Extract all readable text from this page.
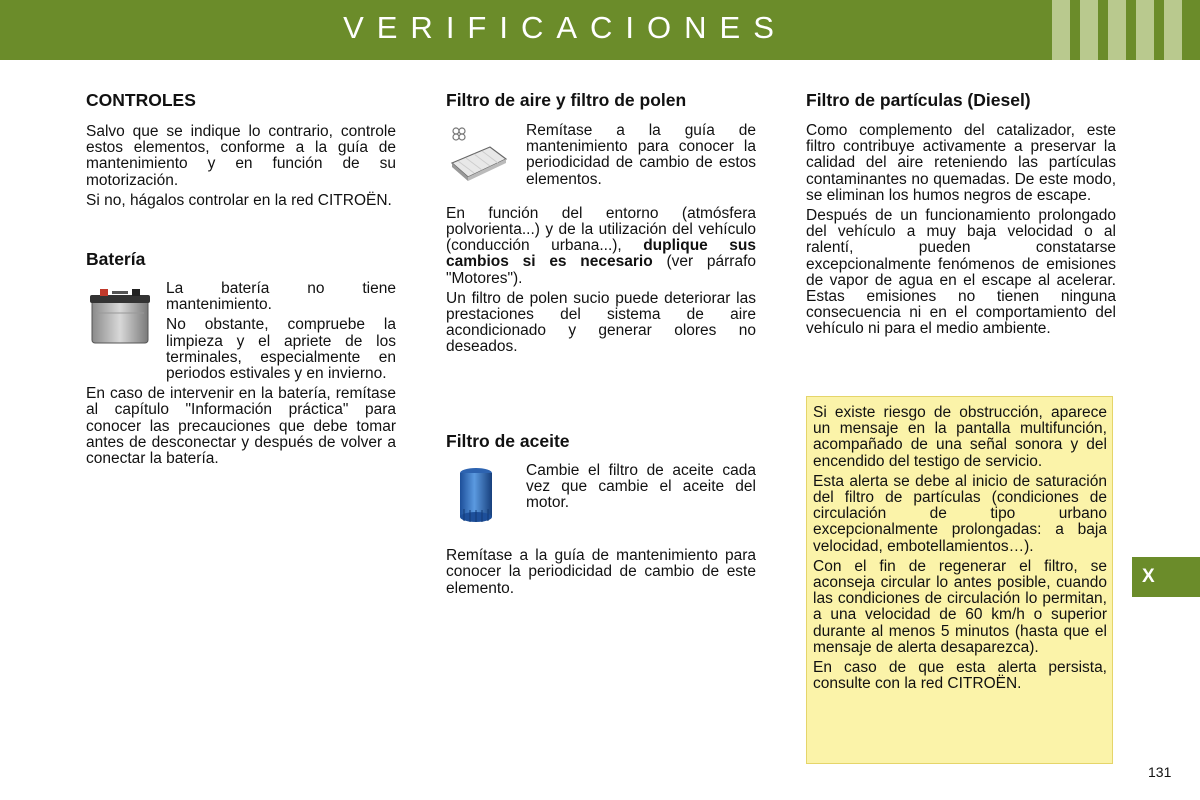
VERIFICACIONES
CONTROLES

Salvo que se indique lo contrario, controle estos elementos, conforme a la guía de mantenimiento y en función de su motorización.

Si no, hágalos controlar en la red CITROËN.

Batería

La batería no tiene mantenimiento.

No obstante, compruebe la limpieza y el apriete de los terminales, especialmente en periodos estivales y en invierno.

En caso de intervenir en la batería, remítase al capítulo "Información práctica" para conocer las precauciones que debe tomar antes de desconectar y después de volver a conectar la batería.

Filtro de aire y filtro de polen

Remítase a la guía de mantenimiento para conocer la periodicidad de cambio de estos elementos.

En función del entorno (atmósfera polvorienta...) y de la utilización del vehículo (conducción urbana...), duplique sus cambios si es necesario (ver párrafo "Motores").

Un filtro de polen sucio puede deteriorar las prestaciones del sistema de aire acondicionado y generar olores no deseados.

Filtro de aceite

Cambie el filtro de aceite cada vez que cambie el aceite del motor.

Remítase a la guía de mantenimiento para conocer la periodicidad de cambio de este elemento.

Filtro de partículas (Diesel)

Como complemento del catalizador, este filtro contribuye activamente a preservar la calidad del aire reteniendo las partículas contaminantes no quemadas. De este modo, se eliminan los humos negros de escape.

Después de un funcionamiento prolongado del vehículo a muy baja velocidad o al ralentí, pueden constatarse excepcionalmente fenómenos de emisiones de vapor de agua en el escape al acelerar. Estas emisiones no tienen ninguna consecuencia ni en el comportamiento del vehículo ni para el medio ambiente.

Si existe riesgo de obstrucción, aparece un mensaje en la pantalla multifunción, acompañado de una señal sonora y del encendido del testigo de servicio.

Esta alerta se debe al inicio de saturación del filtro de partículas (condiciones de circulación de tipo urbano excepcionalmente prolongadas: a baja velocidad, embotellamientos…).

Con el fin de regenerar el filtro, se aconseja circular lo antes posible, cuando las condiciones de circulación lo permitan, a una velocidad de 60 km/h o superior durante al menos 5 minutos (hasta que el mensaje de alerta desaparezca).

En caso de que esta alerta persista, consulte con la red CITROËN.

X
131
